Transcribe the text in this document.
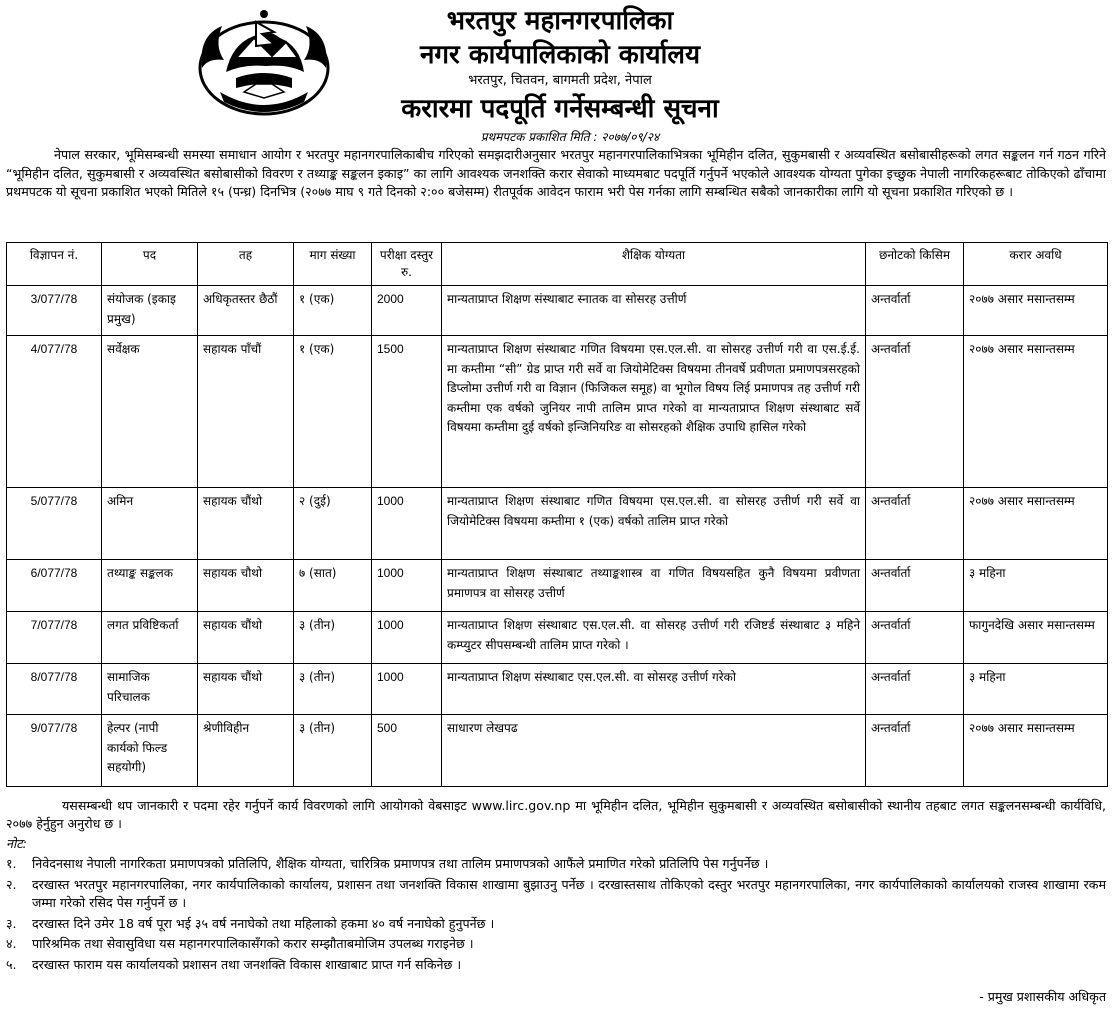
भरतपुर महानगरपालिका
नगर कार्यपालिकाको कार्यालय
भरतपुर, चितवन, बागमती प्रदेश, नेपाल
करारमा पदपूर्ति गर्नेसम्बन्धी सूचना
प्रथमपटक प्रकाशित मिति : २०७७/०९/२४
नेपाल सरकार, भूमिसम्बन्धी समस्या समाधान आयोग र भरतपुर महानगरपालिकाबीच गरिएको समझदारीअनुसार भरतपुर महानगरपालिकाभित्रका भूमिहीन दलित, सुकुमबासी र अव्यवस्थित बसोबासीहरूको लगत सङ्कलन गर्न गठन गरिने “भूमिहीन दलित, सुकुमबासी र अव्यवस्थित बसोबासीको विवरण र तथ्याङ्क सङ्कलन इकाइ” का लागि आवश्यक जनशक्ति करार सेवाको माध्यमबाट पदपूर्ति गर्नुपर्ने भएकोले आवश्यक योग्यता पुगेका इच्छुक नेपाली नागरिकहरूबाट तोकिएको ढाँचामा प्रथमपटक यो सूचना प्रकाशित भएको मितिले १५ (पन्ध्र) दिनभित्र (२०७७ माघ ९ गते दिनको २:०० बजेसम्म) रीतपूर्वक आवेदन फाराम भरी पेस गर्नका लागि सम्बन्धित सबैको जानकारीका लागि यो सूचना प्रकाशित गरिएको छ ।
विज्ञापन नं.	पद	तह	माग संख्या	परीक्षा दस्तुर रु.	शैक्षिक योग्यता	छनोटको किसिम	करार अवधि
3/077/78	संयोजक (इकाइ प्रमुख)	अधिकृतस्तर छैठौं	१ (एक)	2000	मान्यताप्राप्त शिक्षण संस्थाबाट स्नातक वा सोसरह उत्तीर्ण	अन्तर्वार्ता	२०७७ असार मसान्तसम्म
4/077/78	सर्वेक्षक	सहायक पाँचौं	१ (एक)	1500	मान्यताप्राप्त शिक्षण संस्थाबाट गणित विषयमा एस.एल.सी. वा सोसरह उत्तीर्ण गरी वा एस.ई.ई. मा कम्तीमा “सी” ग्रेड प्राप्त गरी सर्वे वा जियोमेटिक्स विषयमा तीनवर्षे प्रवीणता प्रमाणपत्रसरहको डिप्लोमा उत्तीर्ण गरी वा विज्ञान (फिजिकल समूह) वा भूगोल विषय लिई प्रमाणपत्र तह उत्तीर्ण गरी कम्तीमा एक वर्षको जुनियर नापी तालिम प्राप्त गरेको वा मान्यताप्राप्त शिक्षण संस्थाबाट सर्वे विषयमा कम्तीमा दुई वर्षको इन्जिनियरिङ वा सोसरहको शैक्षिक उपाधि हासिल गरेको	अन्तर्वार्ता	२०७७ असार मसान्तसम्म
5/077/78	अमिन	सहायक चौंथो	२ (दुई)	1000	मान्यताप्राप्त शिक्षण संस्थाबाट गणित विषयमा एस.एल.सी. वा सोसरह उत्तीर्ण गरी सर्वे वा जियोमेटिक्स विषयमा कम्तीमा १ (एक) वर्षको तालिम प्राप्त गरेको	अन्तर्वार्ता	२०७७ असार मसान्तसम्म
6/077/78	तथ्याङ्क सङ्कलक	सहायक चौथो	७ (सात)	1000	मान्यताप्राप्त शिक्षण संस्थाबाट तथ्याङ्कशास्त्र वा गणित विषयसहित कुनै विषयमा प्रवीणता प्रमाणपत्र वा सोसरह उत्तीर्ण	अन्तर्वार्ता	३ महिना
7/077/78	लगत प्रविष्टिकर्ता	सहायक चौंथो	३ (तीन)	1000	मान्यताप्राप्त शिक्षण संस्थाबाट एस.एल.सी. वा सोसरह उत्तीर्ण गरी रजिष्टर्ड संस्थाबाट ३ महिने कम्प्युटर सीपसम्बन्धी तालिम प्राप्त गरेको ।	अन्तर्वार्ता	फागुनदेखि असार मसान्तसम्म
8/077/78	सामाजिक परिचालक	सहायक चौंथो	३ (तीन)	1000	मान्यताप्राप्त शिक्षण संस्थाबाट एस.एल.सी. वा सोसरह उत्तीर्ण गरेको	अन्तर्वार्ता	३ महिना
9/077/78	हेल्पर (नापी कार्यको फिल्ड सहयोगी)	श्रेणीविहीन	३ (तीन)	500	साधारण लेखपढ	अन्तर्वार्ता	२०७७ असार मसान्तसम्म
यससम्बन्धी थप जानकारी र पदमा रहेर गर्नुपर्ने कार्य विवरणको लागि आयोगको वेबसाइट www.lirc.gov.np मा भूमिहीन दलित, भूमिहीन सुकुमबासी र अव्यवस्थित बसोबासीको स्थानीय तहबाट लगत सङ्कलनसम्बन्धी कार्यविधि, २०७७ हेर्नुहुन अनुरोध छ ।
नोट:
१. निवेदनसाथ नेपाली नागरिकता प्रमाणपत्रको प्रतिलिपि, शैक्षिक योग्यता, चारित्रिक प्रमाणपत्र तथा तालिम प्रमाणपत्रको आफैंले प्रमाणित गरेको प्रतिलिपि पेस गर्नुपर्नेछ ।
२. दरखास्त भरतपुर महानगरपालिका, नगर कार्यपालिकाको कार्यालय, प्रशासन तथा जनशक्ति विकास शाखामा बुझाउनु पर्नेछ । दरखास्तसाथ तोकिएको दस्तुर भरतपुर महानगरपालिका, नगर कार्यपालिकाको कार्यालयको राजस्व शाखामा रकम जम्मा गरेको रसिद पेस गर्नुपर्ने छ ।
३. दरखास्त दिने उमेर 18 वर्ष पूरा भई ३५ वर्ष ननाघेको तथा महिलाको हकमा ४० वर्ष ननाघेको हुनुपर्नेछ ।
४. पारिश्रमिक तथा सेवासुविधा यस महानगरपालिकासँगको करार सम्झौताबमोजिम उपलब्ध गराइनेछ ।
५. दरखास्त फाराम यस कार्यालयको प्रशासन तथा जनशक्ति विकास शाखाबाट प्राप्त गर्न सकिनेछ ।
- प्रमुख प्रशासकीय अधिकृत
